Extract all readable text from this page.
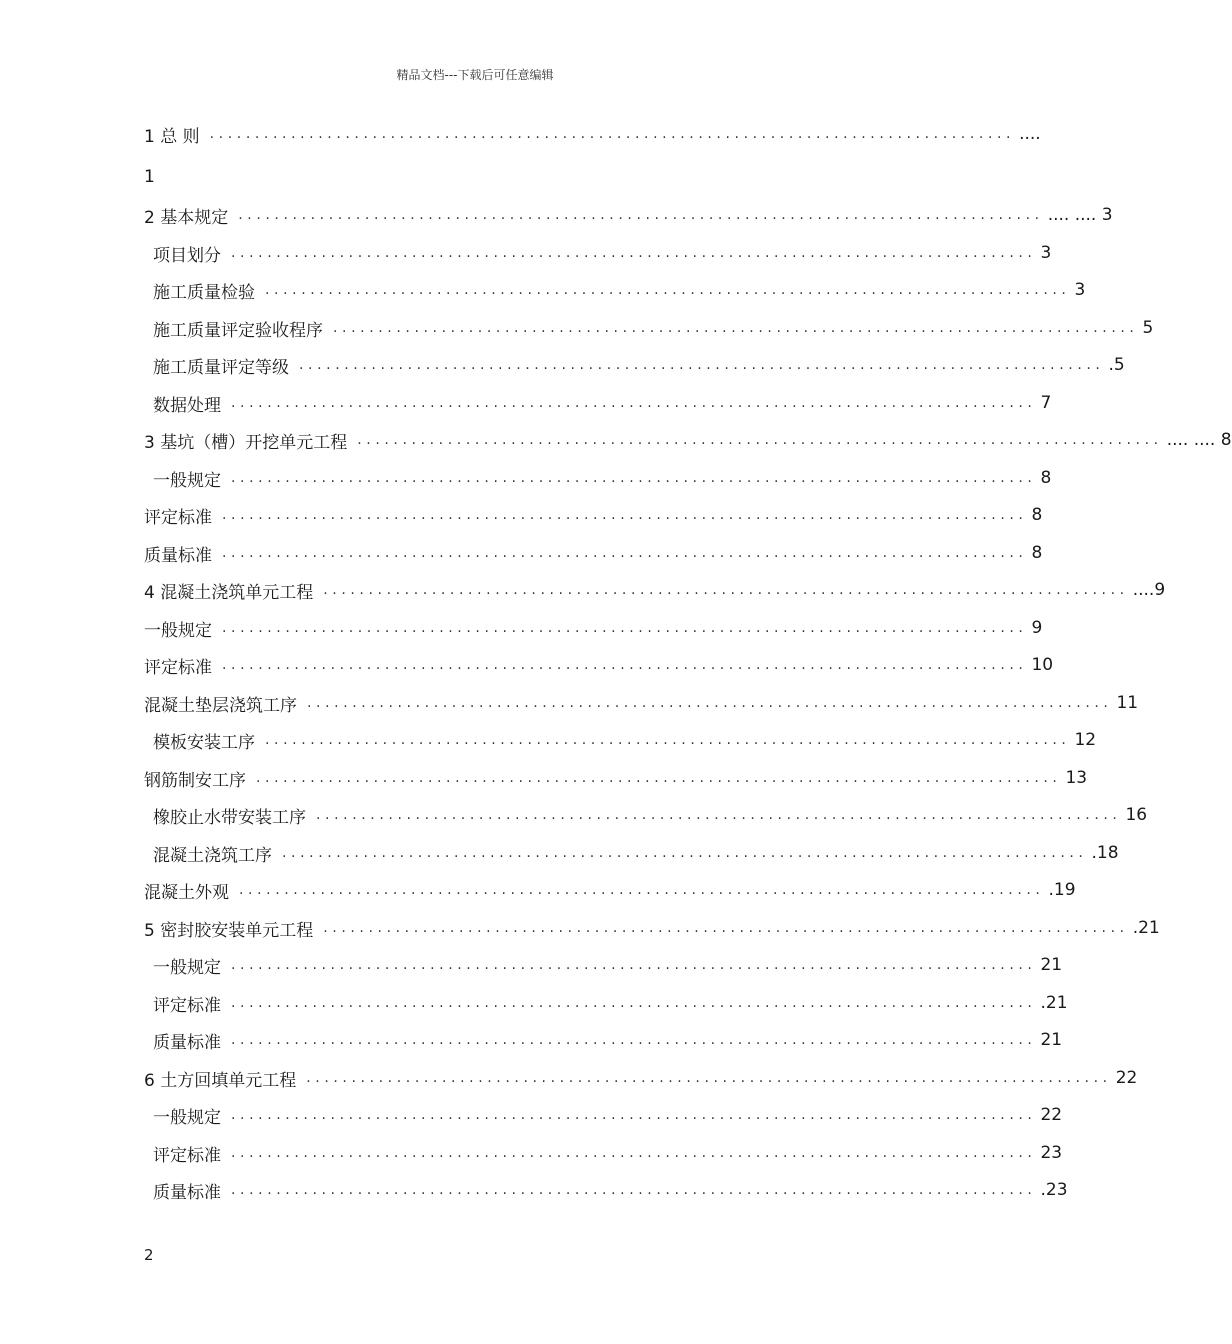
精品文档---下载后可任意编辑
1 总 则 ......................................................................................... ....
1
2 基本规定 ......................................................................................... .... .... 3
项目划分 ......................................................................................... 3
施工质量检验 ......................................................................................... 3
施工质量评定验收程序 ......................................................................................... 5
施工质量评定等级 ......................................................................................... .5
数据处理 ......................................................................................... 7
3 基坑（槽）开挖单元工程 ......................................................................................... .... .... 8
一般规定 ......................................................................................... 8
评定标准 ......................................................................................... 8
质量标准 ......................................................................................... 8
4 混凝土浇筑单元工程 ......................................................................................... ....9
一般规定 ......................................................................................... 9
评定标准 ......................................................................................... 10
混凝土垫层浇筑工序 ......................................................................................... 11
模板安装工序 ......................................................................................... 12
钢筋制安工序 ......................................................................................... 13
橡胶止水带安装工序 ......................................................................................... 16
混凝土浇筑工序 ......................................................................................... .18
混凝土外观 ......................................................................................... .19
5 密封胶安装单元工程 ......................................................................................... .21
一般规定 ......................................................................................... 21
评定标准 ......................................................................................... .21
质量标准 ......................................................................................... 21
6 土方回填单元工程 ......................................................................................... 22
一般规定 ......................................................................................... 22
评定标准 ......................................................................................... 23
质量标准 ......................................................................................... .23
2
